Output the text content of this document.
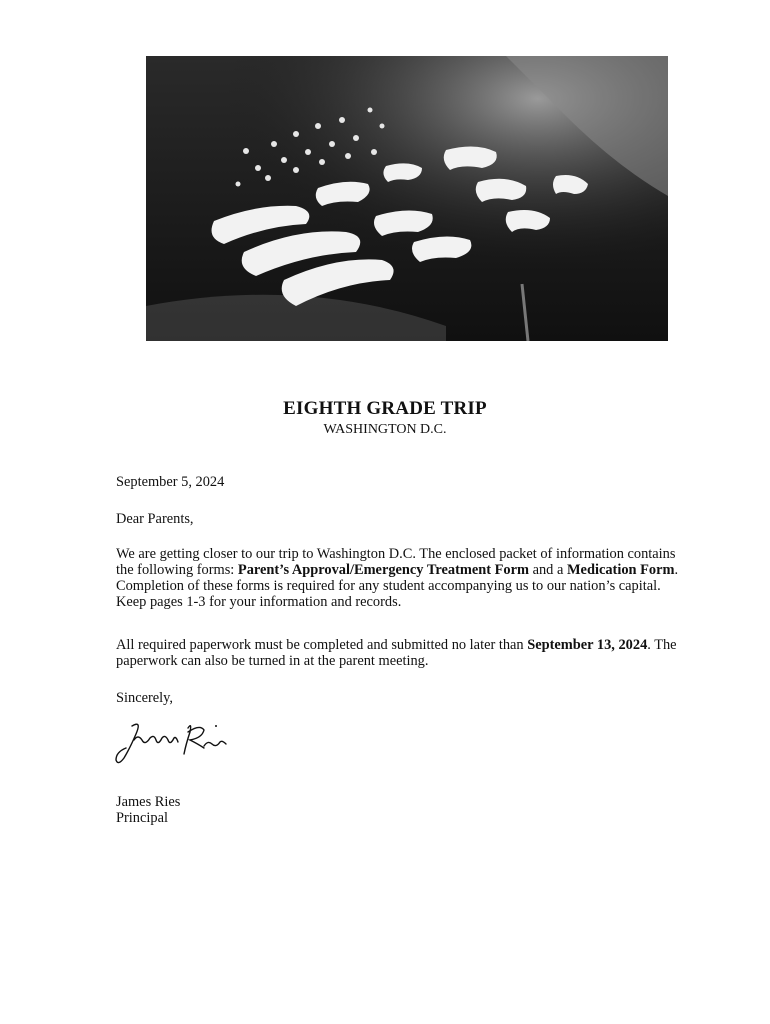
EIGHTH GRADE TRIP
WASHINGTON D.C.
September 5, 2024
Dear Parents,
We are getting closer to our trip to Washington D.C. The enclosed packet of information contains the following forms: Parent’s Approval/Emergency Treatment Form and a Medication Form. Completion of these forms is required for any student accompanying us to our nation’s capital. Keep pages 1-3 for your information and records.
All required paperwork must be completed and submitted no later than September 13, 2024. The paperwork can also be turned in at the parent meeting.
Sincerely,
James Ries
Principal
